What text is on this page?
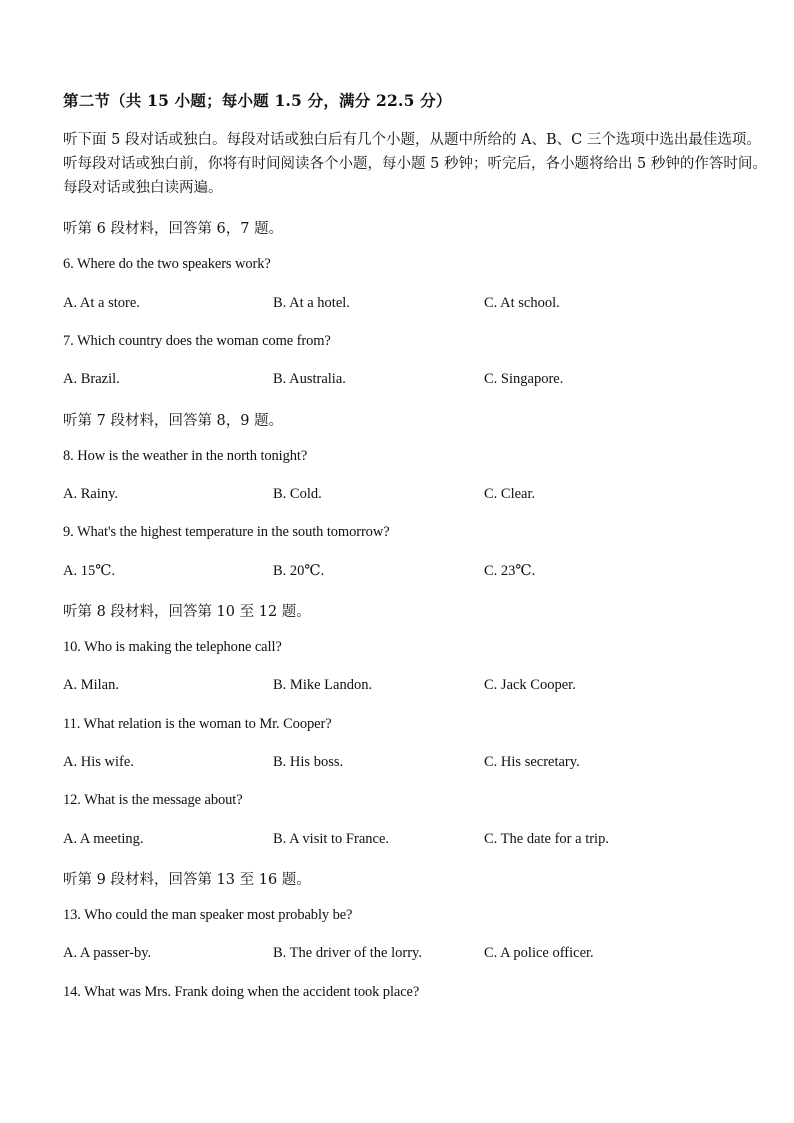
第二节（共 15 小题；每小题 1.5 分，满分 22.5 分）
听下面 5 段对话或独白。每段对话或独白后有几个小题，从题中所给的 A、B、C 三个选项中选出最佳选项。
听每段对话或独白前，你将有时间阅读各个小题，每小题 5 秒钟；听完后，各小题将给出 5 秒钟的作答时间。
每段对话或独白读两遍。
听第 6 段材料，回答第 6，7 题。
6. Where do the two speakers work?
A. At a store.	B. At a hotel.	C. At school.
7. Which country does the woman come from?
A. Brazil.	B. Australia.	C. Singapore.
听第 7 段材料，回答第 8，9 题。
8. How is the weather in the north tonight?
A. Rainy.	B. Cold.	C. Clear.
9. What's the highest temperature in the south tomorrow?
A. 15℃.	B. 20℃.	C. 23℃.
听第 8 段材料，回答第 10 至 12 题。
10. Who is making the telephone call?
A. Milan.	B. Mike Landon.	C. Jack Cooper.
11. What relation is the woman to Mr. Cooper?
A. His wife.	B. His boss.	C. His secretary.
12. What is the message about?
A. A meeting.	B. A visit to France.	C. The date for a trip.
听第 9 段材料，回答第 13 至 16 题。
13. Who could the man speaker most probably be?
A. A passer-by.	B. The driver of the lorry.	C. A police officer.
14. What was Mrs. Frank doing when the accident took place?
